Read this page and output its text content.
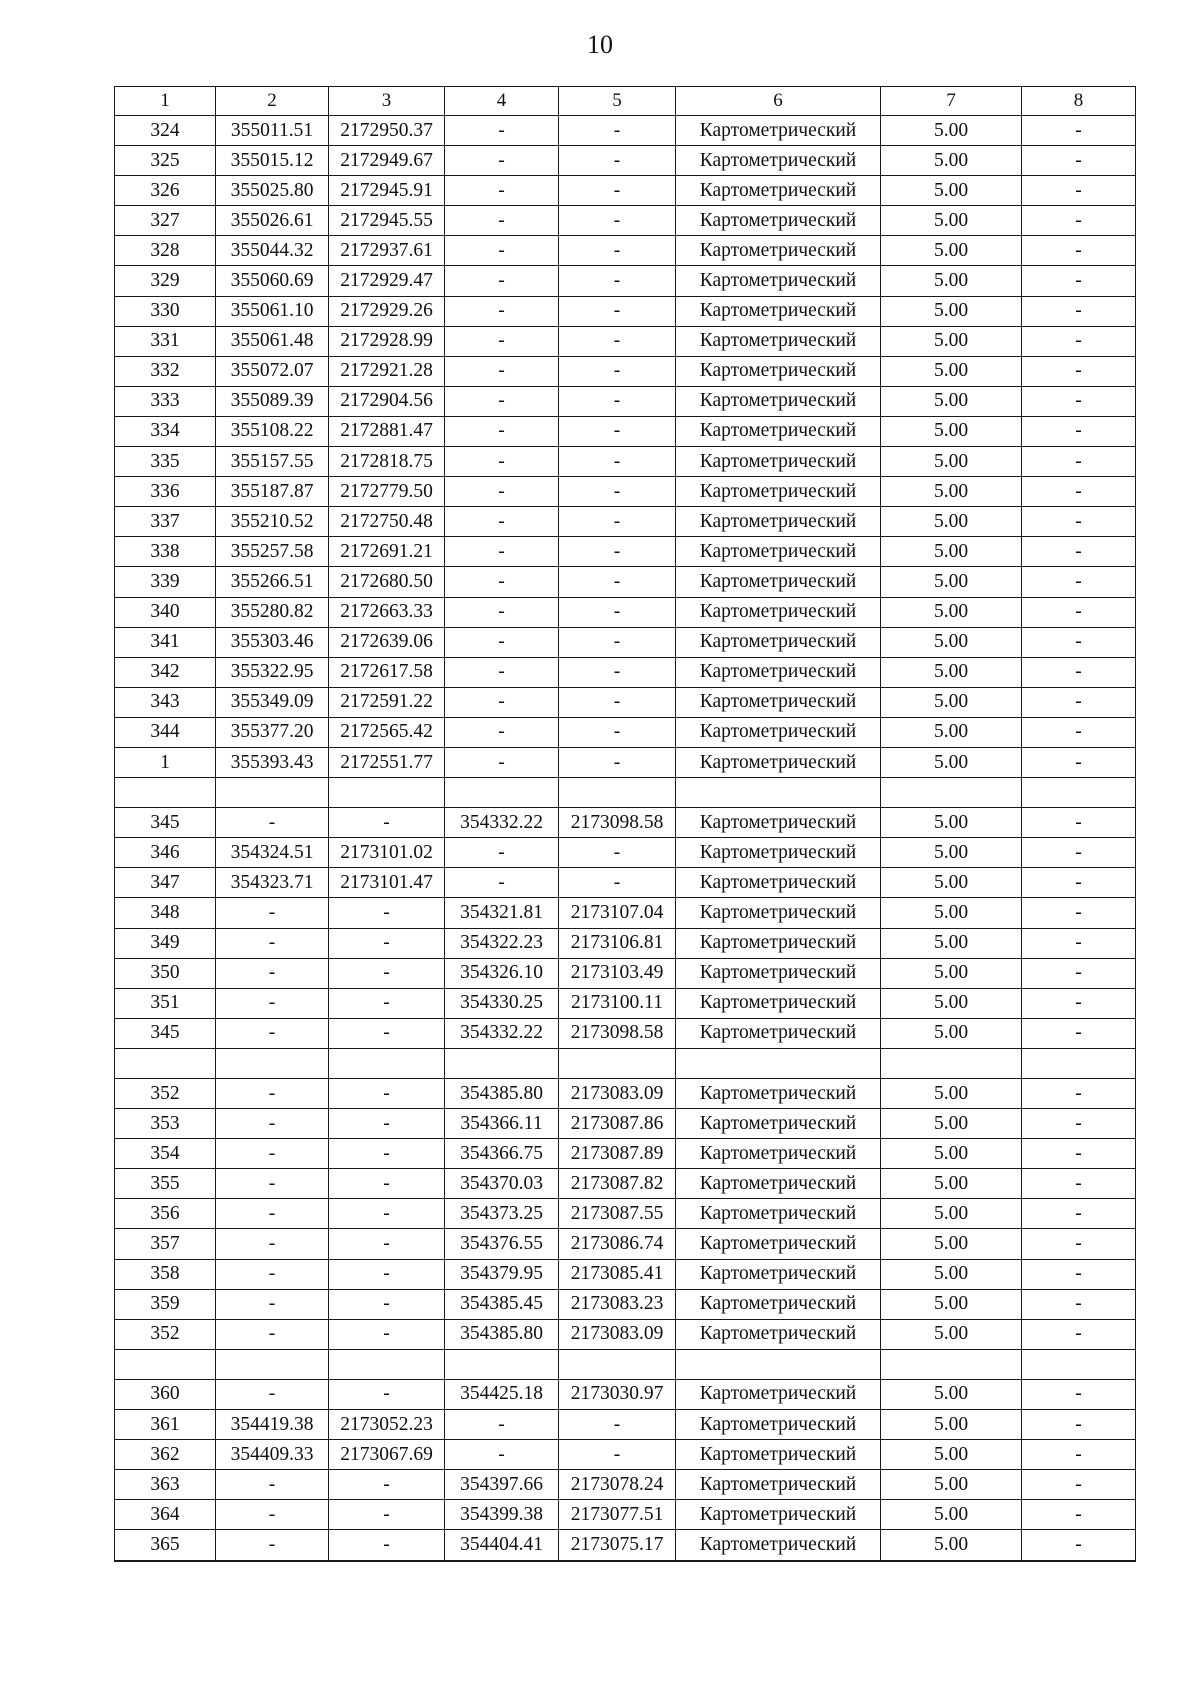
10
1	2	3	4	5	6	7	8
324	355011.51	2172950.37	-	-	Картометрический	5.00	-
325	355015.12	2172949.67	-	-	Картометрический	5.00	-
326	355025.80	2172945.91	-	-	Картометрический	5.00	-
327	355026.61	2172945.55	-	-	Картометрический	5.00	-
328	355044.32	2172937.61	-	-	Картометрический	5.00	-
329	355060.69	2172929.47	-	-	Картометрический	5.00	-
330	355061.10	2172929.26	-	-	Картометрический	5.00	-
331	355061.48	2172928.99	-	-	Картометрический	5.00	-
332	355072.07	2172921.28	-	-	Картометрический	5.00	-
333	355089.39	2172904.56	-	-	Картометрический	5.00	-
334	355108.22	2172881.47	-	-	Картометрический	5.00	-
335	355157.55	2172818.75	-	-	Картометрический	5.00	-
336	355187.87	2172779.50	-	-	Картометрический	5.00	-
337	355210.52	2172750.48	-	-	Картометрический	5.00	-
338	355257.58	2172691.21	-	-	Картометрический	5.00	-
339	355266.51	2172680.50	-	-	Картометрический	5.00	-
340	355280.82	2172663.33	-	-	Картометрический	5.00	-
341	355303.46	2172639.06	-	-	Картометрический	5.00	-
342	355322.95	2172617.58	-	-	Картометрический	5.00	-
343	355349.09	2172591.22	-	-	Картометрический	5.00	-
344	355377.20	2172565.42	-	-	Картометрический	5.00	-
1	355393.43	2172551.77	-	-	Картометрический	5.00	-

345	-	-	354332.22	2173098.58	Картометрический	5.00	-
346	354324.51	2173101.02	-	-	Картометрический	5.00	-
347	354323.71	2173101.47	-	-	Картометрический	5.00	-
348	-	-	354321.81	2173107.04	Картометрический	5.00	-
349	-	-	354322.23	2173106.81	Картометрический	5.00	-
350	-	-	354326.10	2173103.49	Картометрический	5.00	-
351	-	-	354330.25	2173100.11	Картометрический	5.00	-
345	-	-	354332.22	2173098.58	Картометрический	5.00	-

352	-	-	354385.80	2173083.09	Картометрический	5.00	-
353	-	-	354366.11	2173087.86	Картометрический	5.00	-
354	-	-	354366.75	2173087.89	Картометрический	5.00	-
355	-	-	354370.03	2173087.82	Картометрический	5.00	-
356	-	-	354373.25	2173087.55	Картометрический	5.00	-
357	-	-	354376.55	2173086.74	Картометрический	5.00	-
358	-	-	354379.95	2173085.41	Картометрический	5.00	-
359	-	-	354385.45	2173083.23	Картометрический	5.00	-
352	-	-	354385.80	2173083.09	Картометрический	5.00	-

360	-	-	354425.18	2173030.97	Картометрический	5.00	-
361	354419.38	2173052.23	-	-	Картометрический	5.00	-
362	354409.33	2173067.69	-	-	Картометрический	5.00	-
363	-	-	354397.66	2173078.24	Картометрический	5.00	-
364	-	-	354399.38	2173077.51	Картометрический	5.00	-
365	-	-	354404.41	2173075.17	Картометрический	5.00	-
